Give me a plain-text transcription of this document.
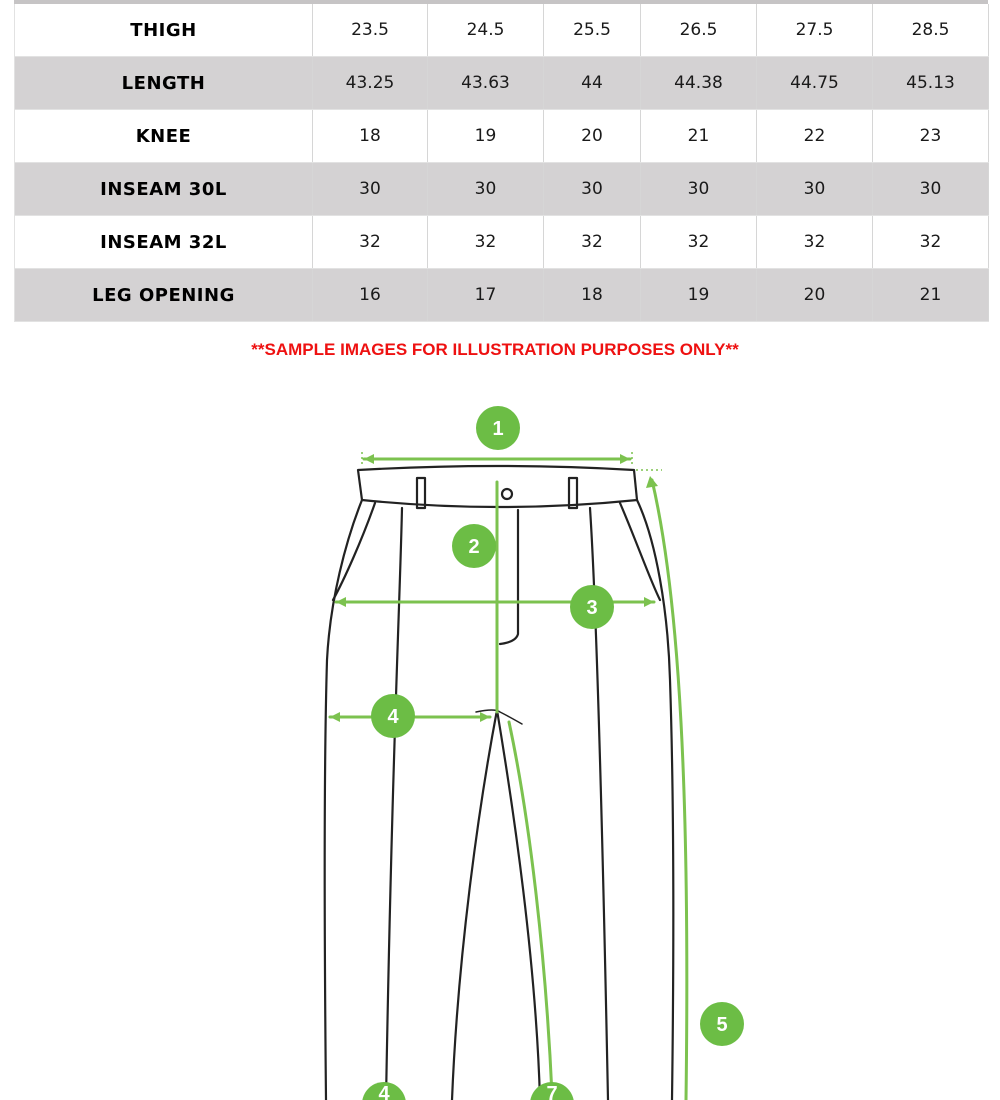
THIGH	23.5	24.5	25.5	26.5	27.5	28.5
LENGTH	43.25	43.63	44	44.38	44.75	45.13
KNEE	18	19	20	21	22	23
INSEAM 30L	30	30	30	30	30	30
INSEAM 32L	32	32	32	32	32	32
LEG OPENING	16	17	18	19	20	21
**SAMPLE IMAGES FOR ILLUSTRATION PURPOSES ONLY**
1
2
3
4
5
4	7
